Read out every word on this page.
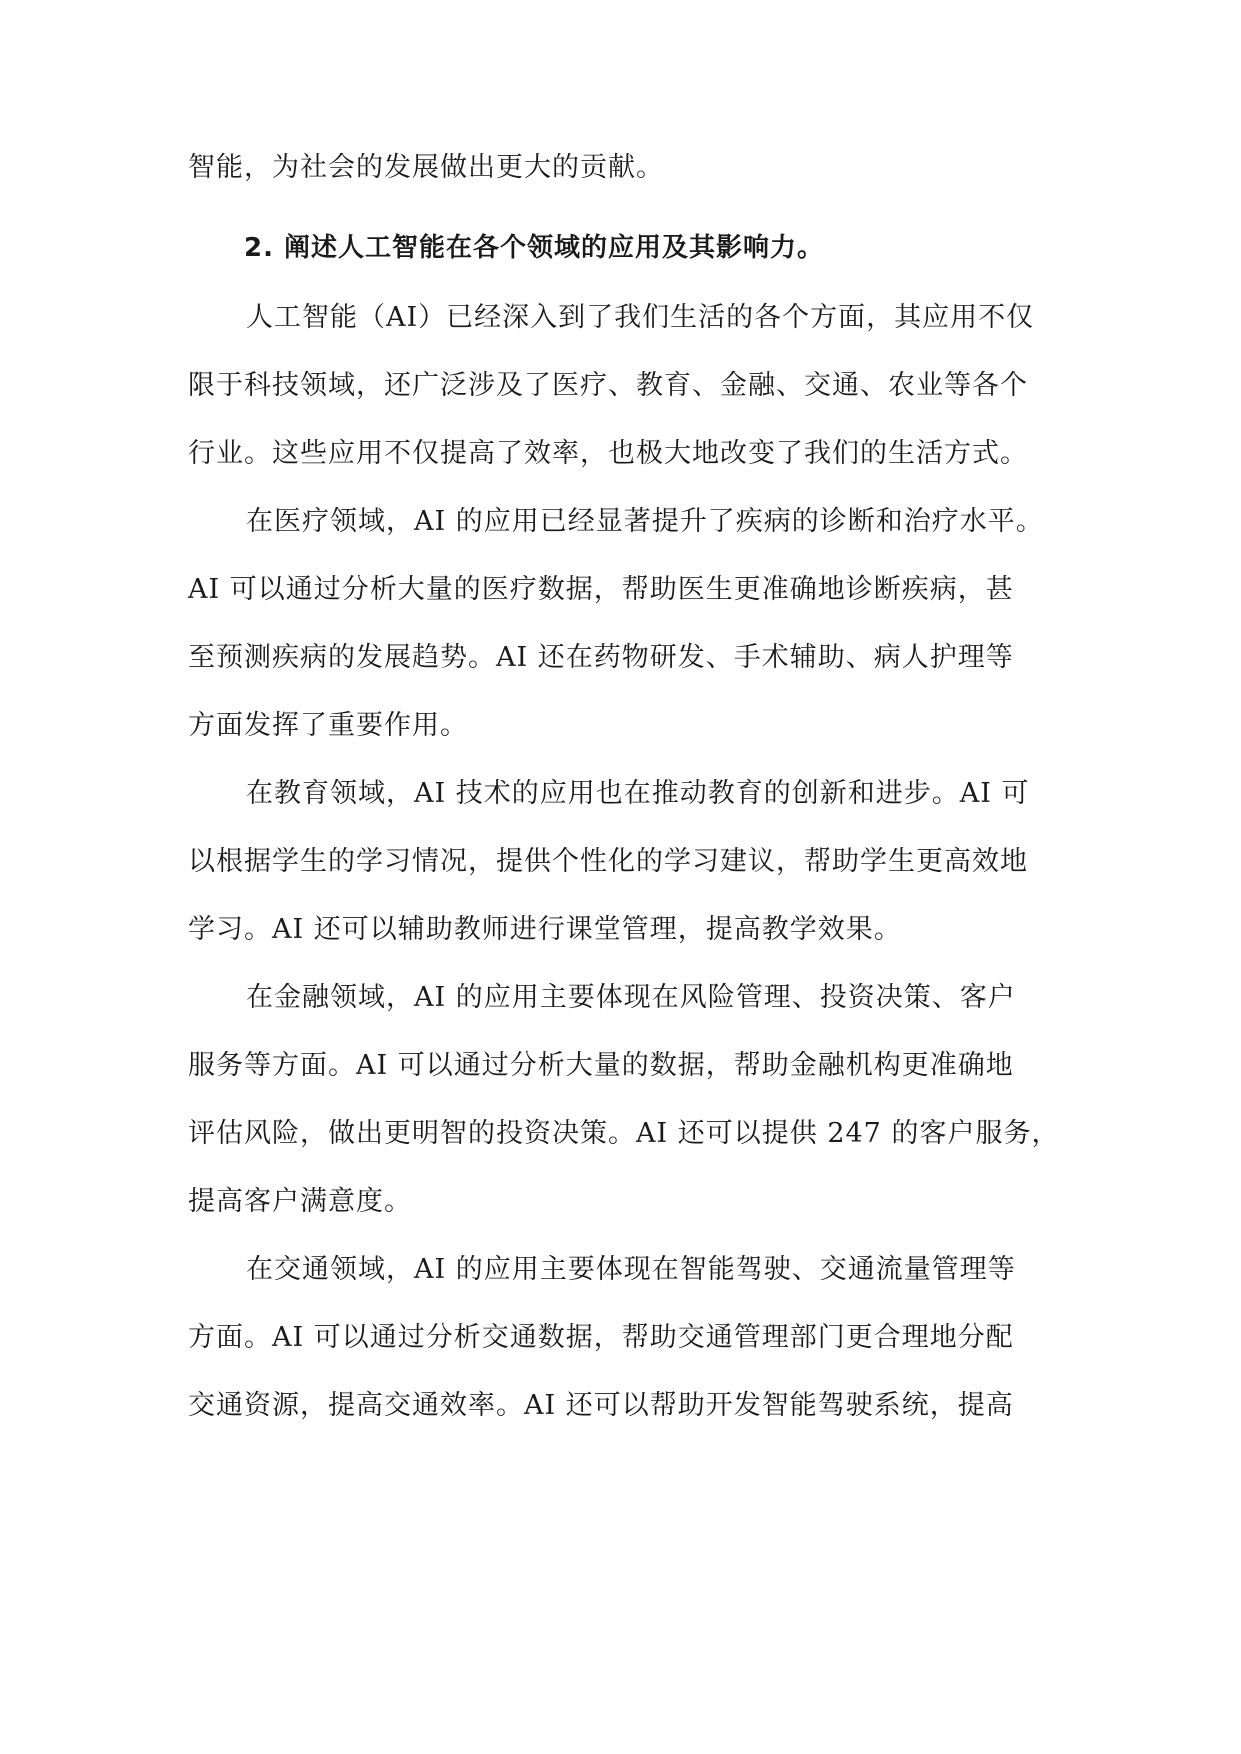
智能，为社会的发展做出更大的贡献。
2. 阐述人工智能在各个领域的应用及其影响力。
人工智能（AI）已经深入到了我们生活的各个方面，其应用不仅
限于科技领域，还广泛涉及了医疗、教育、金融、交通、农业等各个
行业。这些应用不仅提高了效率，也极大地改变了我们的生活方式。
在医疗领域，AI 的应用已经显著提升了疾病的诊断和治疗水平。
AI 可以通过分析大量的医疗数据，帮助医生更准确地诊断疾病，甚
至预测疾病的发展趋势。AI 还在药物研发、手术辅助、病人护理等
方面发挥了重要作用。
在教育领域，AI 技术的应用也在推动教育的创新和进步。AI 可
以根据学生的学习情况，提供个性化的学习建议，帮助学生更高效地
学习。AI 还可以辅助教师进行课堂管理，提高教学效果。
在金融领域，AI 的应用主要体现在风险管理、投资决策、客户
服务等方面。AI 可以通过分析大量的数据，帮助金融机构更准确地
评估风险，做出更明智的投资决策。AI 还可以提供 247 的客户服务，
提高客户满意度。
在交通领域，AI 的应用主要体现在智能驾驶、交通流量管理等
方面。AI 可以通过分析交通数据，帮助交通管理部门更合理地分配
交通资源，提高交通效率。AI 还可以帮助开发智能驾驶系统，提高
